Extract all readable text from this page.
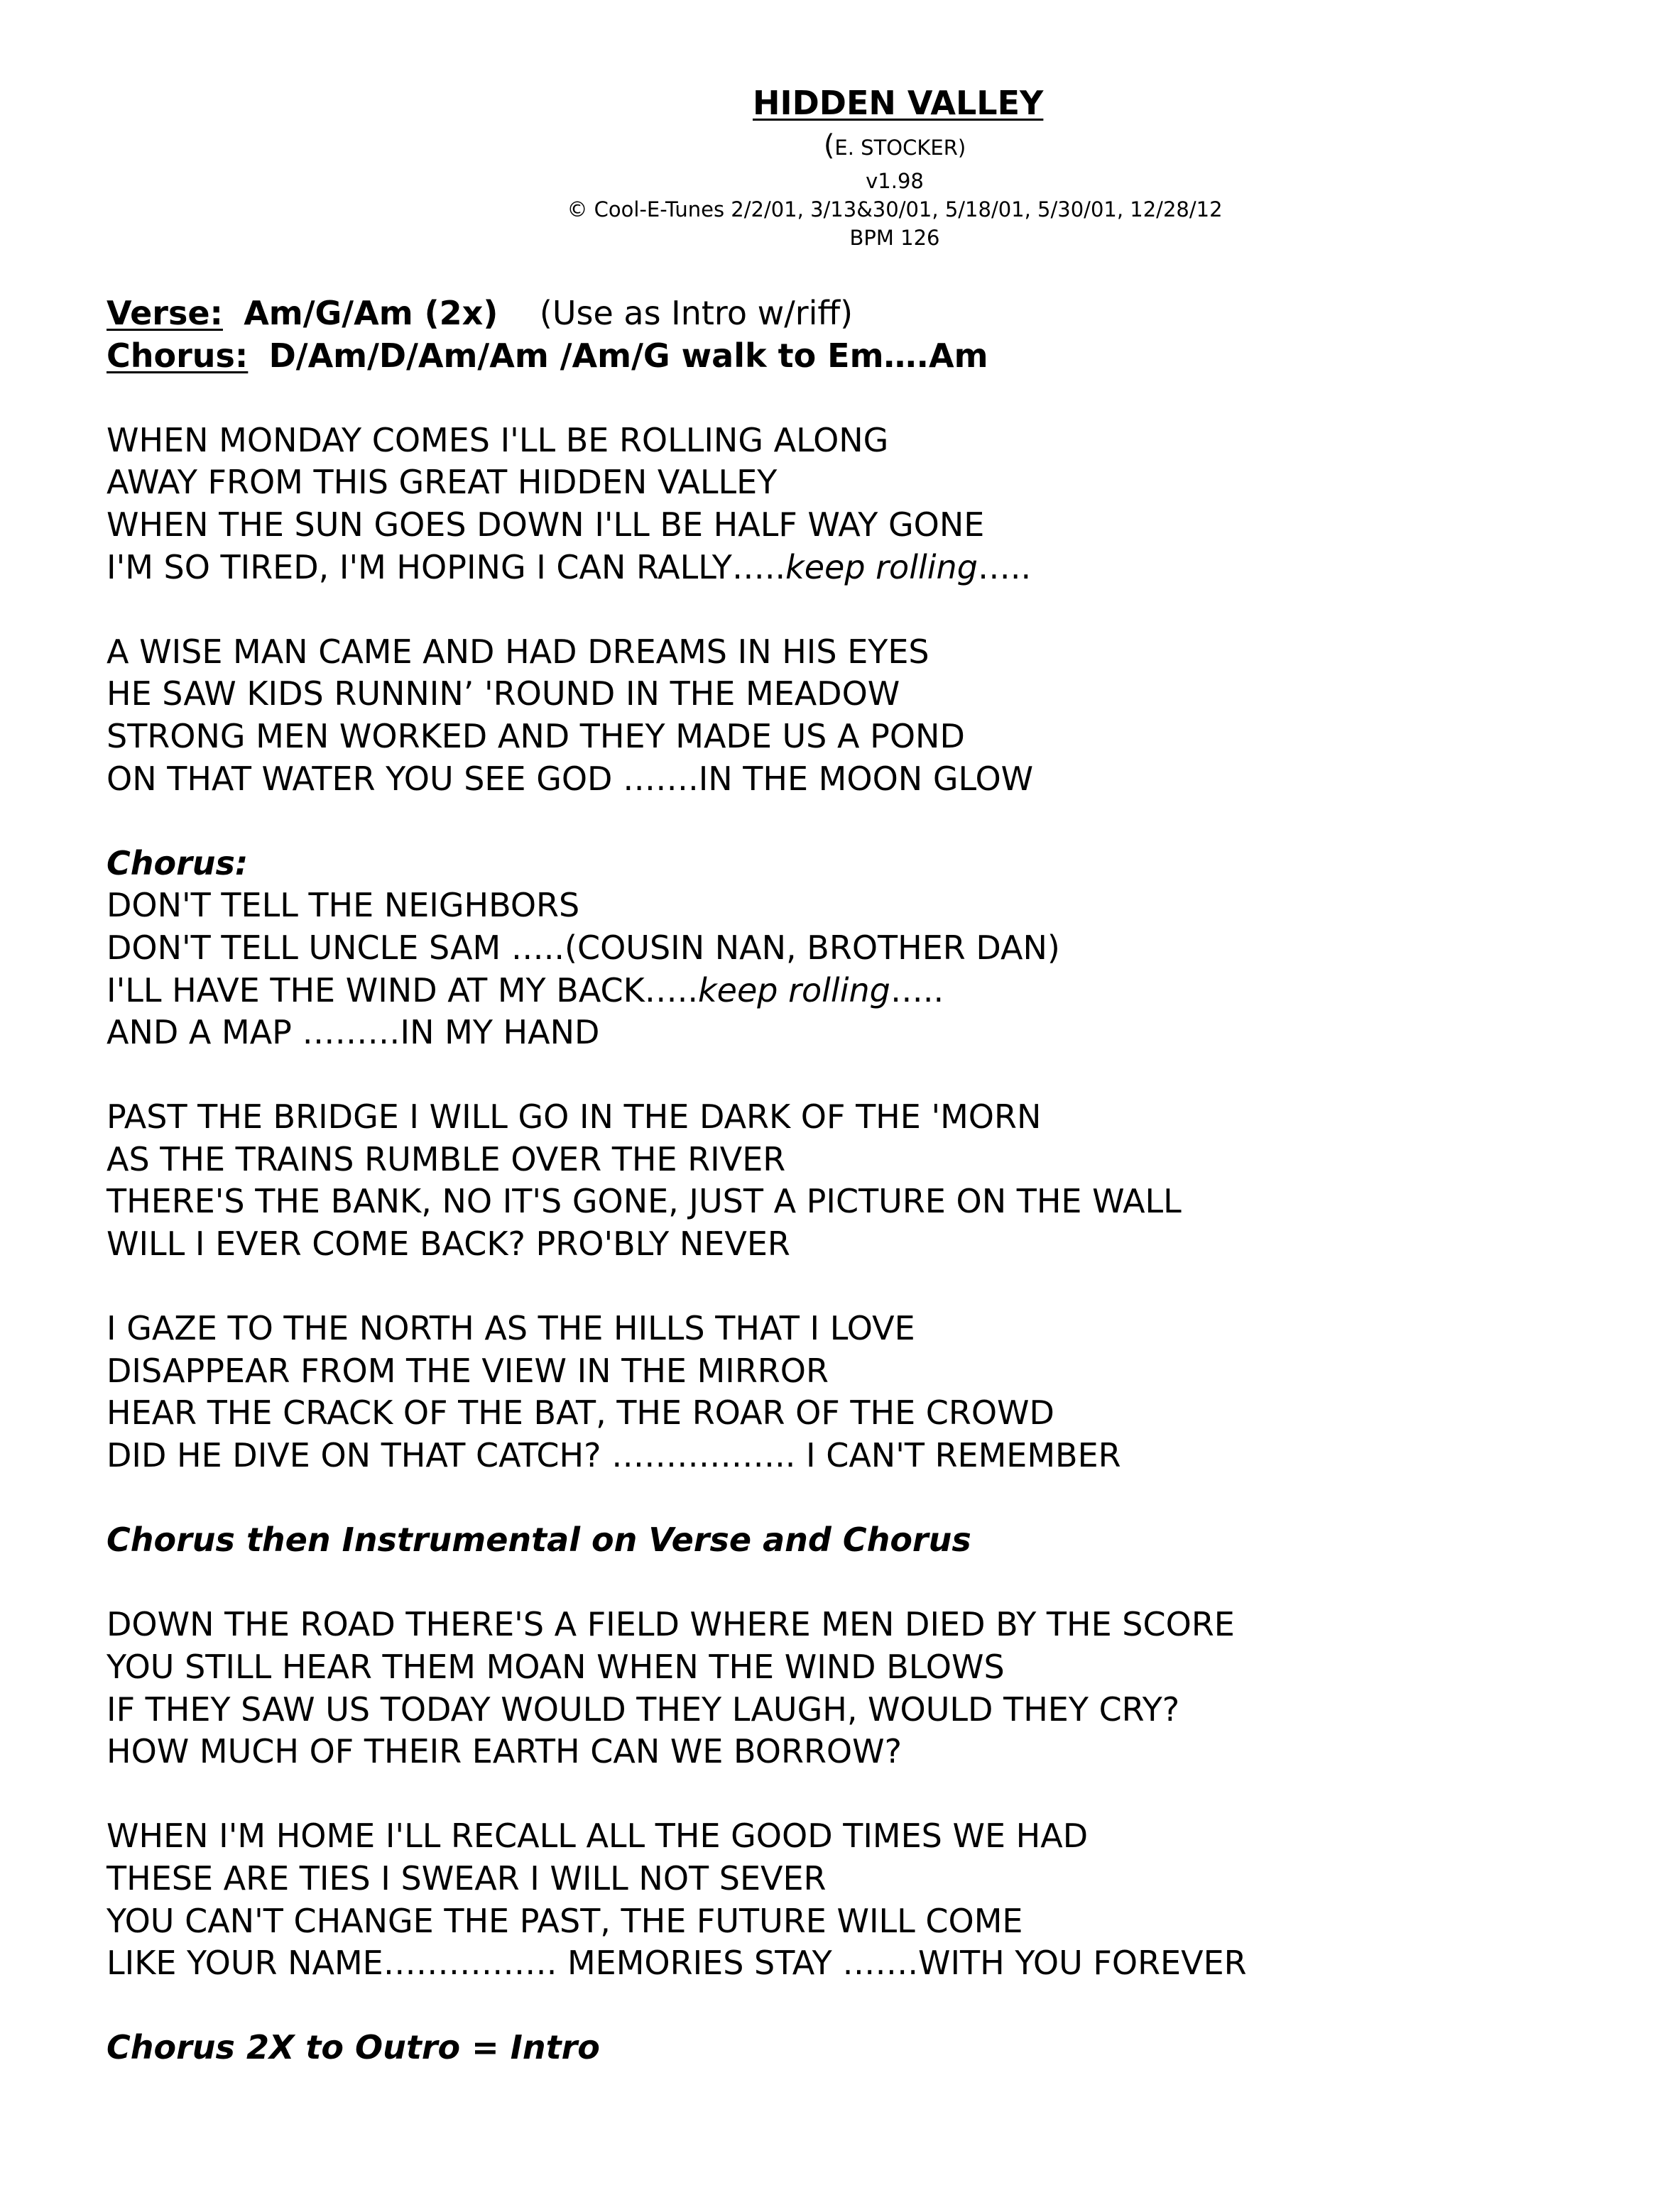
HIDDEN VALLEY
(E. STOCKER)
v1.98
© Cool-E-Tunes 2/2/01, 3/13&30/01, 5/18/01, 5/30/01, 12/28/12
BPM 126
Verse: Am/G/Am (2x) (Use as Intro w/riff)
Chorus: D/Am/D/Am/Am /Am/G walk to Em….Am
WHEN MONDAY COMES I'LL BE ROLLING ALONG
AWAY FROM THIS GREAT HIDDEN VALLEY
WHEN THE SUN GOES DOWN I'LL BE HALF WAY GONE
I'M SO TIRED, I'M HOPING I CAN RALLY…..keep rolling…..
A WISE MAN CAME AND HAD DREAMS IN HIS EYES
HE SAW KIDS RUNNIN’ 'ROUND IN THE MEADOW
STRONG MEN WORKED AND THEY MADE US A POND
ON THAT WATER YOU SEE GOD …….IN THE MOON GLOW
Chorus:
DON'T TELL THE NEIGHBORS
DON'T TELL UNCLE SAM …..(COUSIN NAN, BROTHER DAN)
I'LL HAVE THE WIND AT MY BACK…..keep rolling…..
AND A MAP ………IN MY HAND
PAST THE BRIDGE I WILL GO IN THE DARK OF THE 'MORN
AS THE TRAINS RUMBLE OVER THE RIVER
THERE'S THE BANK, NO IT'S GONE, JUST A PICTURE ON THE WALL
WILL I EVER COME BACK? PRO'BLY NEVER
I GAZE TO THE NORTH AS THE HILLS THAT I LOVE
DISAPPEAR FROM THE VIEW IN THE MIRROR
HEAR THE CRACK OF THE BAT, THE ROAR OF THE CROWD
DID HE DIVE ON THAT CATCH? …………….. I CAN'T REMEMBER
Chorus then Instrumental on Verse and Chorus
DOWN THE ROAD THERE'S A FIELD WHERE MEN DIED BY THE SCORE
YOU STILL HEAR THEM MOAN WHEN THE WIND BLOWS
IF THEY SAW US TODAY WOULD THEY LAUGH, WOULD THEY CRY?
HOW MUCH OF THEIR EARTH CAN WE BORROW?
WHEN I'M HOME I'LL RECALL ALL THE GOOD TIMES WE HAD
THESE ARE TIES I SWEAR I WILL NOT SEVER
YOU CAN'T CHANGE THE PAST, THE FUTURE WILL COME
LIKE YOUR NAME……………. MEMORIES STAY …….WITH YOU FOREVER
Chorus 2X to Outro = Intro
